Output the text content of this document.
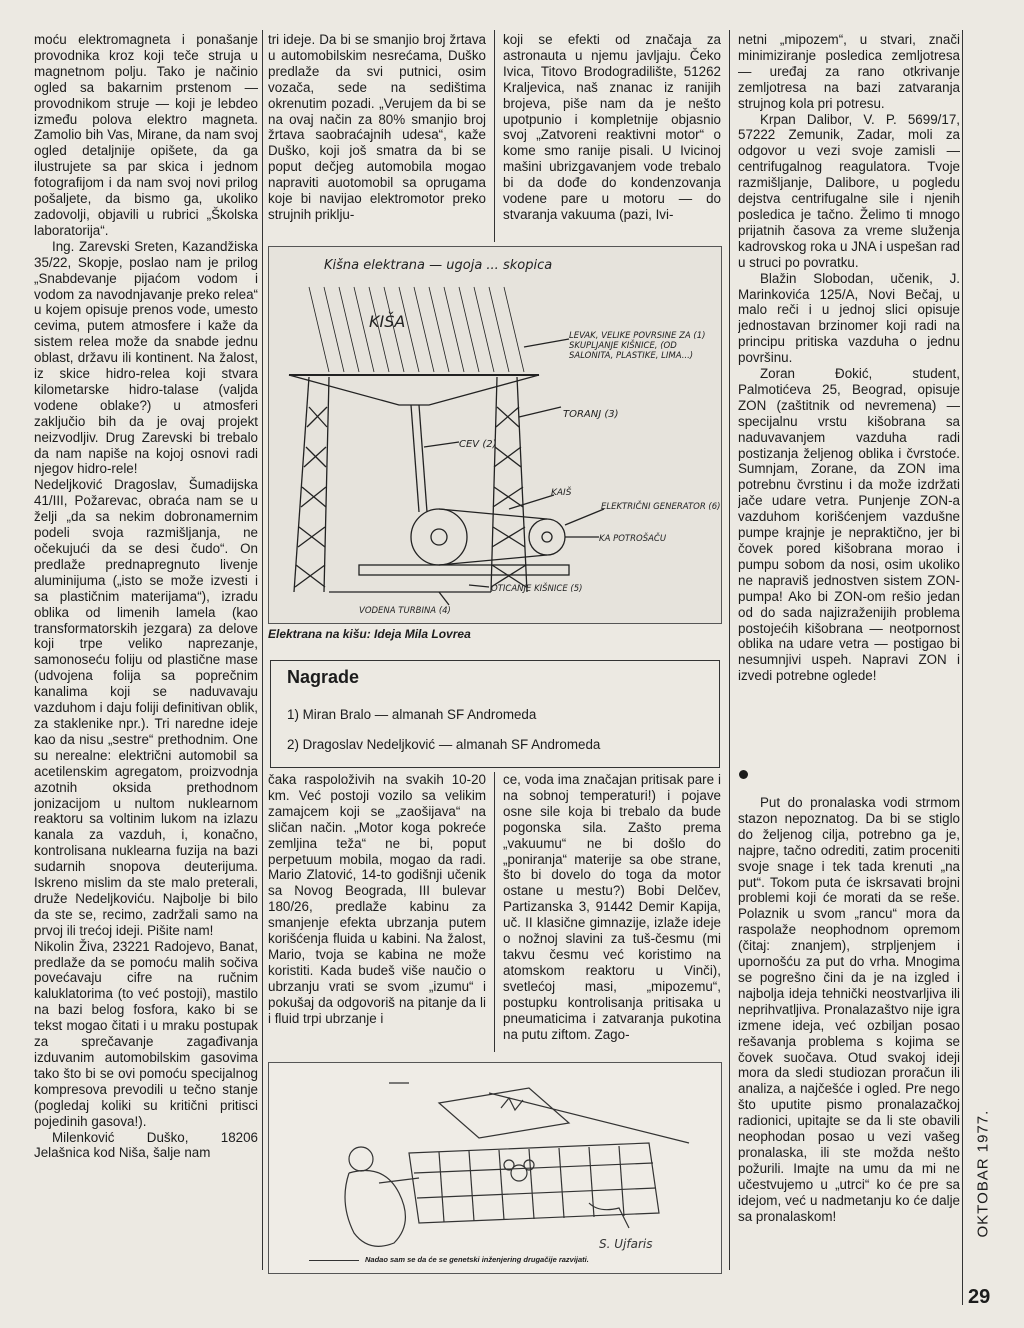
moću elektromagneta i ponašanje provodnika kroz koji teče struja u magnetnom polju. Tako je načinio ogled sa bakarnim prstenom — provodnikom struje — koji je lebdeo između polova elektro magneta. Zamolio bih Vas, Mirane, da nam svoj ogled detaljnije opišete, da ga ilustrujete sa par skica i jednom fotografijom i da nam svoj novi prilog pošaljete, da bismo ga, ukoliko zadovolji, objavili u rubrici „Školska laboratorija“.

Ing. Zarevski Sreten, Kazandžiska 35/22, Skopje, poslao nam je prilog „Snabdevanje pijaćom vodom i vodom za navodnjavanje preko relea“ u kojem opisuje prenos vode, umesto cevima, putem atmosfere i kaže da sistem relea može da snabde jednu oblast, državu ili kontinent. Na žalost, iz skice hidro-relea koji stvara kilometarske hidro-talase (valjda vodene oblake?) u atmosferi zaključio bih da je ovaj projekt neizvodljiv. Drug Zarevski bi trebalo da nam napiše na kojoj osnovi radi njegov hidro-rele!

Nedeljković Dragoslav, Šumadijska 41/III, Požarevac, obraća nam se u želji „da sa nekim dobronamernim podeli svoja razmišljanja, ne očekujući da se desi čudo“. On predlaže prednapregnuto livenje aluminijuma („isto se može izvesti i sa plastičnim materijama“), izradu oblika od limenih lamela (kao transformatorskih jezgara) za delove koji trpe veliko naprezanje, samonoseću foliju od plastične mase (udvojena folija sa poprečnim kanalima koji se naduvavaju vazduhom i daju foliji definitivan oblik, za staklenike npr.). Tri naredne ideje kao da nisu „sestre“ prethodnim. One su nerealne: električni automobil sa acetilenskim agregatom, proizvodnja azotnih oksida prethodnom jonizacijom u nultom nuklearnom reaktoru sa voltinim lukom na izlazu kanala za vazduh, i, konačno, kontrolisana nuklearna fuzija na bazi sudarnih snopova deuterijuma. Iskreno mislim da ste malo preterali, druže Nedeljkoviću. Najbolje bi bilo da ste se, recimo, zadržali samo na prvoj ili trećoj ideji. Pišite nam!

Nikolin Živa, 23221 Radojevo, Banat, predlaže da se pomoću malih sočiva povećavaju cifre na ručnim kaluklatorima (to već postoji), mastilo na bazi belog fosfora, kako bi se tekst mogao čitati i u mraku postupak za sprečavanje zagađivanja izduvanim automobilskim gasovima tako što bi se ovi pomoću specijalnog kompresova prevodili u tečno stanje (pogledaj koliki su kritični pritisci pojedinih gasova!).

Milenković Duško, 18206 Jelašnica kod Niša, šalje nam

tri ideje. Da bi se smanjio broj žrtava u automobilskim nesrećama, Duško predlaže da svi putnici, osim vozača, sede na sedištima okrenutim pozadi. „Verujem da bi se na ovaj način za 80% smanjio broj žrtava saobraćajnih udesa“, kaže Duško, koji još smatra da bi se poput dečjeg automobila mogao napraviti auotomobil sa oprugama koje bi navijao elektromotor preko strujnih priklju-

koji se efekti od značaja za astronauta u njemu javljaju. Čeko Ivica, Titovo Brodogradilište, 51262 Kraljevica, naš znanac iz ranijih brojeva, piše nam da je nešto upotpunio i kompletnije objasnio svoj „Zatvoreni reaktivni motor“ o kome smo ranije pisali. U Ivicinoj mašini ubrizgavanjem vode trebalo bi da dođe do kondenzovanja vodene pare u motoru — do stvaranja vakuuma (pazi, Ivi-

Kišna elektrana — ugoja ... skopica
KIŠA
LEVAK, VELIKE POVRŠINE ZA (1) SKUPLJANJE KIŠNICE, (OD SALONITA, PLASTIKE, LIMA...)
TORANJ (3)
CEV (2)
KAIŠ
ELEKTRIČNI GENERATOR (6)
KA POTROŠAČU
OTICANJE KIŠNICE (5)
VODENA TURBINA (4)
Elektrana na kišu: Ideja Mila Lovrea
Nagrade
1) Miran Bralo — almanah SF Andromeda
2) Dragoslav Nedeljković — almanah SF Andromeda

čaka raspoloživih na svakih 10-20 km. Već postoji vozilo sa velikim zamajcem koji se „zaošijava“ na sličan način. „Motor koga pokreće zemljina teža“ ne bi, poput perpetuum mobila, mogao da radi. Mario Zlatović, 14-to godišnji učenik sa Novog Beograda, III bulevar 180/26, predlaže kabinu za smanjenje efekta ubrzanja putem korišćenja fluida u kabini. Na žalost, Mario, tvoja se kabina ne može koristiti. Kada budeš više naučio o ubrzanju vrati se svom „izumu“ i pokušaj da odgovoriš na pitanje da li i fluid trpi ubrzanje i

ce, voda ima značajan pritisak pare i na sobnoj temperaturi!) i pojave osne sile koja bi trebalo da bude pogonska sila. Zašto prema „vakuumu“ ne bi došlo do „poniranja“ materije sa obe strane, što bi dovelo do toga da motor ostane u mestu?) Bobi Delčev, Partizanska 3, 91442 Demir Kapija, uč. II klasične gimnazije, izlaže ideje o nožnoj slavini za tuš-česmu (mi takvu česmu već koristimo na atomskom reaktoru u Vinči), svetlećoj masi, „mipozemu“, postupku kontrolisanja pritisaka u pneumaticima i zatvaranja pukotina na putu ziftom. Zago-

S. Ujfaris
Nadao sam se da će se genetski inženjering drugačije razvijati.

netni „mipozem“, u stvari, znači minimiziranje posledica zemljotresa — uređaj za rano otkrivanje zemljotresa na bazi zatvaranja strujnog kola pri potresu.

Krpan Dalibor, V. P. 5699/17, 57222 Zemunik, Zadar, moli za odgovor u vezi svoje zamisli — centrifugalnog reagulatora. Tvoje razmišljanje, Dalibore, u pogledu dejstva centrifugalne sile i njenih posledica je tačno. Želimo ti mnogo prijatnih časova za vreme služenja kadrovskog roka u JNA i uspešan rad u struci po povratku.

Blažin Slobodan, učenik, J. Marinkovića 125/A, Novi Bečaj, u malo reči i u jednoj slici opisuje jednostavan brzinomer koji radi na principu pritiska vazduha o jednu površinu.

Zoran Đokić, student, Palmotićeva 25, Beograd, opisuje ZON (zaštitnik od nevremena) — specijalnu vrstu kišobrana sa naduvavanjem vazduha radi postizanja željenog oblika i čvrstoće. Sumnjam, Zorane, da ZON ima potrebnu čvrstinu i da može izdržati jače udare vetra. Punjenje ZON-a vazduhom korišćenjem vazdušne pumpe krajnje je nepraktično, jer bi čovek pored kišobrana morao i pumpu sobom da nosi, osim ukoliko ne napraviš jednostven sistem ZON-pumpa! Ako bi ZON-om rešio jedan od do sada najizraženijih problema postojećih kišobrana — neotpornost oblika na udare vetra — postigao bi nesumnjivi uspeh. Napravi ZON i izvedi potrebne oglede!

Put do pronalaska vodi strmom stazon nepoznatog. Da bi se stiglo do željenog cilja, potrebno ga je, najpre, tačno odrediti, zatim proceniti svoje snage i tek tada krenuti „na put“. Tokom puta će iskrsavati brojni problemi koji će morati da se reše. Polaznik u svom „rancu“ mora da raspolaže neophodnom opremom (čitaj: znanjem), strpljenjem i upornošću za put do vrha. Mnogima se pogrešno čini da je na izgled i najbolja ideja tehnički neostvarljiva ili neprihvatljiva. Pronalazaštvo nije igra izmene ideja, već ozbiljan posao rešavanja problema s kojima se čovek suočava. Otud svakoj ideji mora da sledi studiozan proračun ili analiza, a najčešće i ogled. Pre nego što uputite pismo pronalazačkoj radionici, upitajte se da li ste obavili neophodan posao u vezi vašeg pronalaska, ili ste možda nešto požurili. Imajte na umu da mi ne učestvujemo u „utrci“ ko će pre sa idejom, već u nadmetanju ko će dalje sa pronalaskom!	OKTOBAR 1977.
29
